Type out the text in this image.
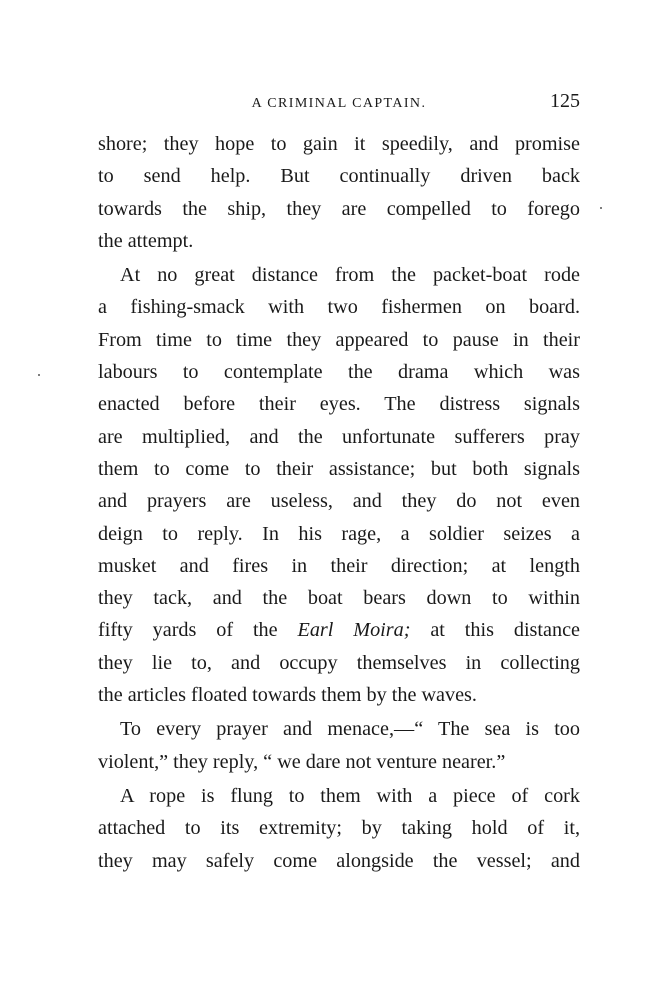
A CRIMINAL CAPTAIN.	125
shore; they hope to gain it speedily, and promise
to send help. But continually driven back
towards the ship, they are compelled to forego
the attempt.
At no great distance from the packet-boat rode
a fishing-smack with two fishermen on board.
From time to time they appeared to pause in their
labours to contemplate the drama which was
enacted before their eyes. The distress signals
are multiplied, and the unfortunate sufferers pray
them to come to their assistance; but both signals
and prayers are useless, and they do not even
deign to reply. In his rage, a soldier seizes a
musket and fires in their direction; at length
they tack, and the boat bears down to within
fifty yards of the Earl Moira; at this distance
they lie to, and occupy themselves in collecting
the articles floated towards them by the waves.
To every prayer and menace,—“ The sea is too
violent,” they reply, “ we dare not venture nearer.”
A rope is flung to them with a piece of cork
attached to its extremity; by taking hold of it,
they may safely come alongside the vessel; and
